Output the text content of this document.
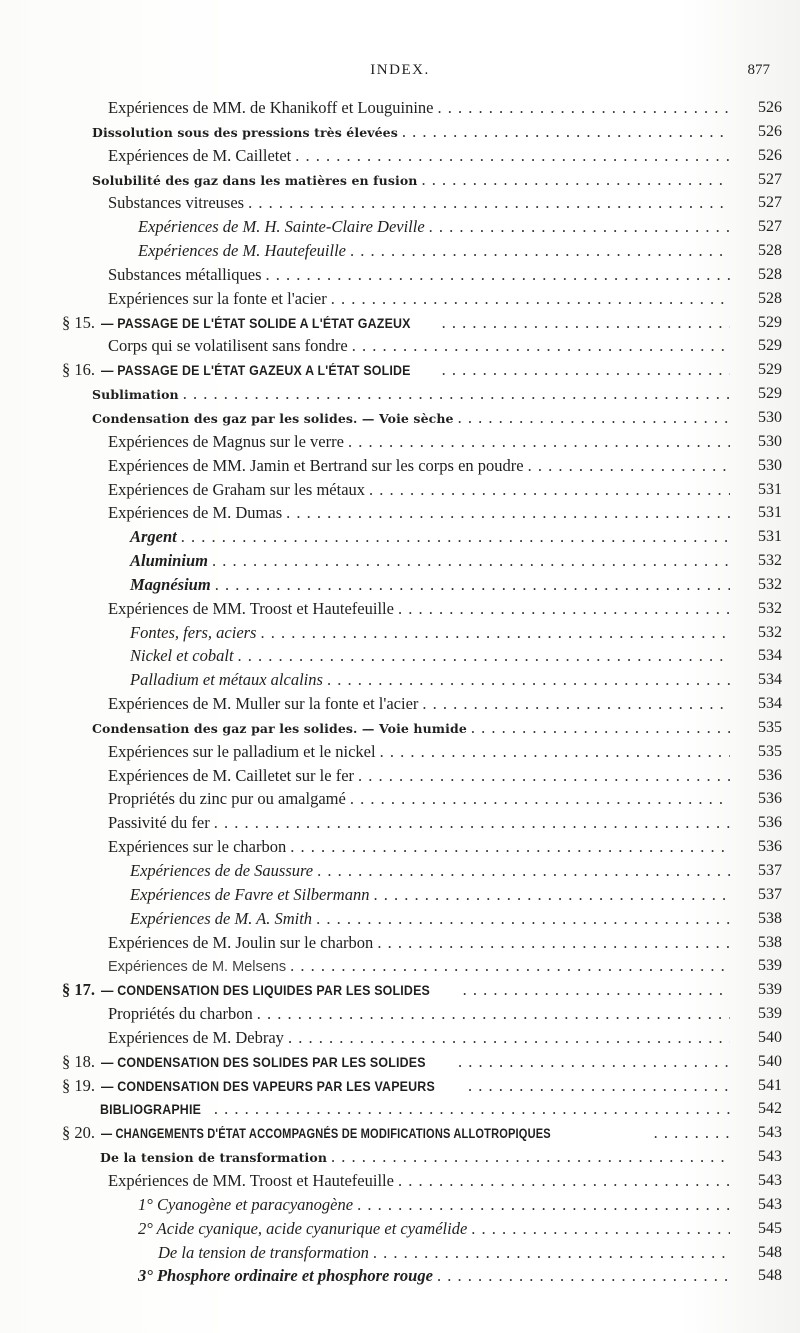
INDEX.	877
Expériences de MM. de Khanikoff et Louguinine . . .	526
Dissolution sous des pressions très élevées . . .	526
Expériences de M. Cailletet . . .	526
Solubilité des gaz dans les matières en fusion . . .	527
Substances vitreuses . . .	527
Expériences de M. H. Sainte-Claire Deville . . .	527
Expériences de M. Hautefeuille . . .	528
Substances métalliques . . .	528
Expériences sur la fonte et l'acier . . .	528
§ 15. — PASSAGE DE L'ÉTAT SOLIDE A L'ÉTAT GAZEUX . . .	529
Corps qui se volatilisent sans fondre . . .	529
§ 16. — PASSAGE DE L'ÉTAT GAZEUX A L'ÉTAT SOLIDE . . .	529
Sublimation . . .	529
Condensation des gaz par les solides. — Voie sèche . . .	530
Expériences de Magnus sur le verre . . .	530
Expériences de MM. Jamin et Bertrand sur les corps en poudre . . .	530
Expériences de Graham sur les métaux . . .	531
Expériences de M. Dumas . . .	531
Argent . . .	531
Aluminium . . .	532
Magnésium . . .	532
Expériences de MM. Troost et Hautefeuille . . .	532
Fontes, fers, aciers . . .	532
Nickel et cobalt . . .	534
Palladium et métaux alcalins . . .	534
Expériences de M. Muller sur la fonte et l'acier . . .	534
Condensation des gaz par les solides. — Voie humide . . .	535
Expériences sur le palladium et le nickel . . .	535
Expériences de M. Cailletet sur le fer . . .	536
Propriétés du zinc pur ou amalgamé . . .	536
Passivité du fer . . .	536
Expériences sur le charbon . . .	536
Expériences de de Saussure . . .	537
Expériences de Favre et Silbermann . . .	537
Expériences de M. A. Smith . . .	538
Expériences de M. Joulin sur le charbon . . .	538
Expériences de M. Melsens . . .	539
§ 17. — CONDENSATION DES LIQUIDES PAR LES SOLIDES . . .	539
Propriétés du charbon . . .	539
Expériences de M. Debray . . .	540
§ 18. — CONDENSATION DES SOLIDES PAR LES SOLIDES . . .	540
§ 19. — CONDENSATION DES VAPEURS PAR LES VAPEURS . . .	541
BIBLIOGRAPHIE . . .	542
§ 20. — CHANGEMENTS D'ÉTAT ACCOMPAGNÉS DE MODIFICATIONS ALLOTROPIQUES . . .	543
De la tension de transformation . . .	543
Expériences de MM. Troost et Hautefeuille . . .	543
1° Cyanogène et paracyanogène . . .	543
2° Acide cyanique, acide cyanurique et cyamélide . . .	545
De la tension de transformation . . .	548
3° Phosphore ordinaire et phosphore rouge . . .	548
